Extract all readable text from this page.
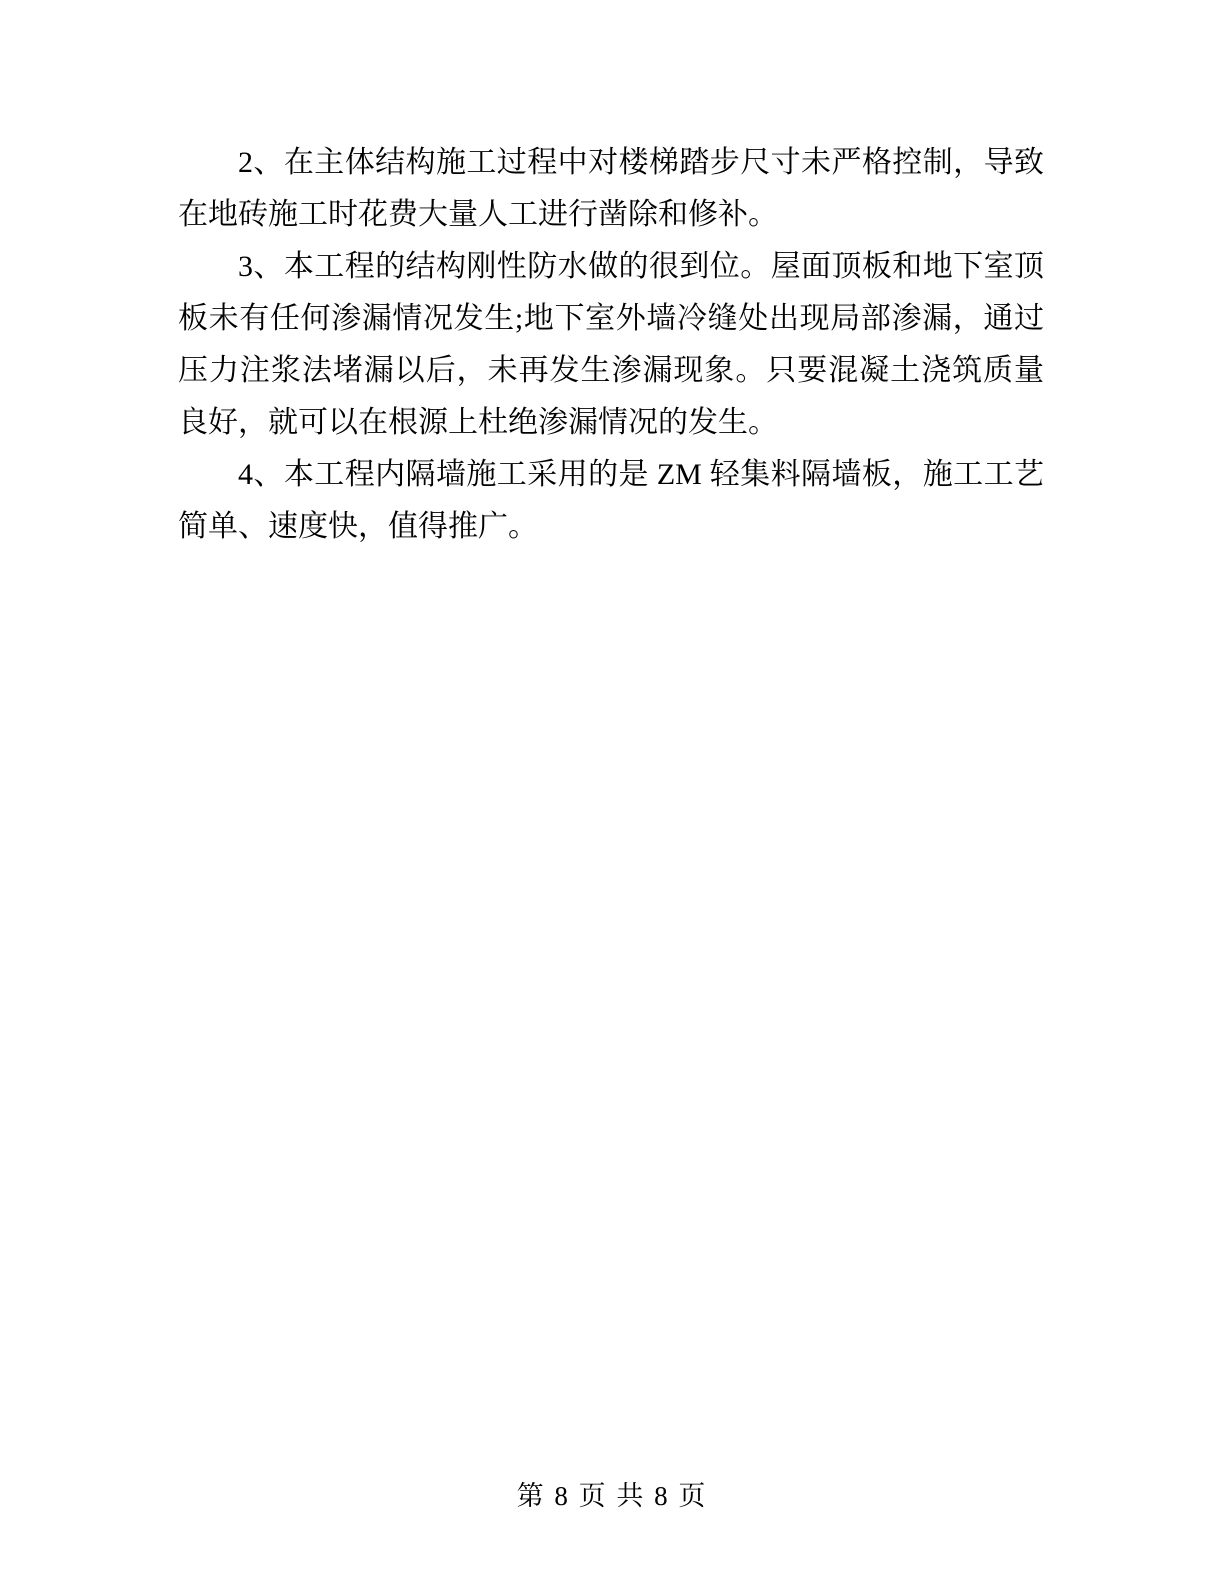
2、在主体结构施工过程中对楼梯踏步尺寸未严格控制，导致在地砖施工时花费大量人工进行凿除和修补。

3、本工程的结构刚性防水做的很到位。屋面顶板和地下室顶板未有任何渗漏情况发生;地下室外墙冷缝处出现局部渗漏，通过压力注浆法堵漏以后，未再发生渗漏现象。只要混凝土浇筑质量良好，就可以在根源上杜绝渗漏情况的发生。

4、本工程内隔墙施工采用的是 ZM 轻集料隔墙板，施工工艺简单、速度快，值得推广。

第 8 页 共 8 页
